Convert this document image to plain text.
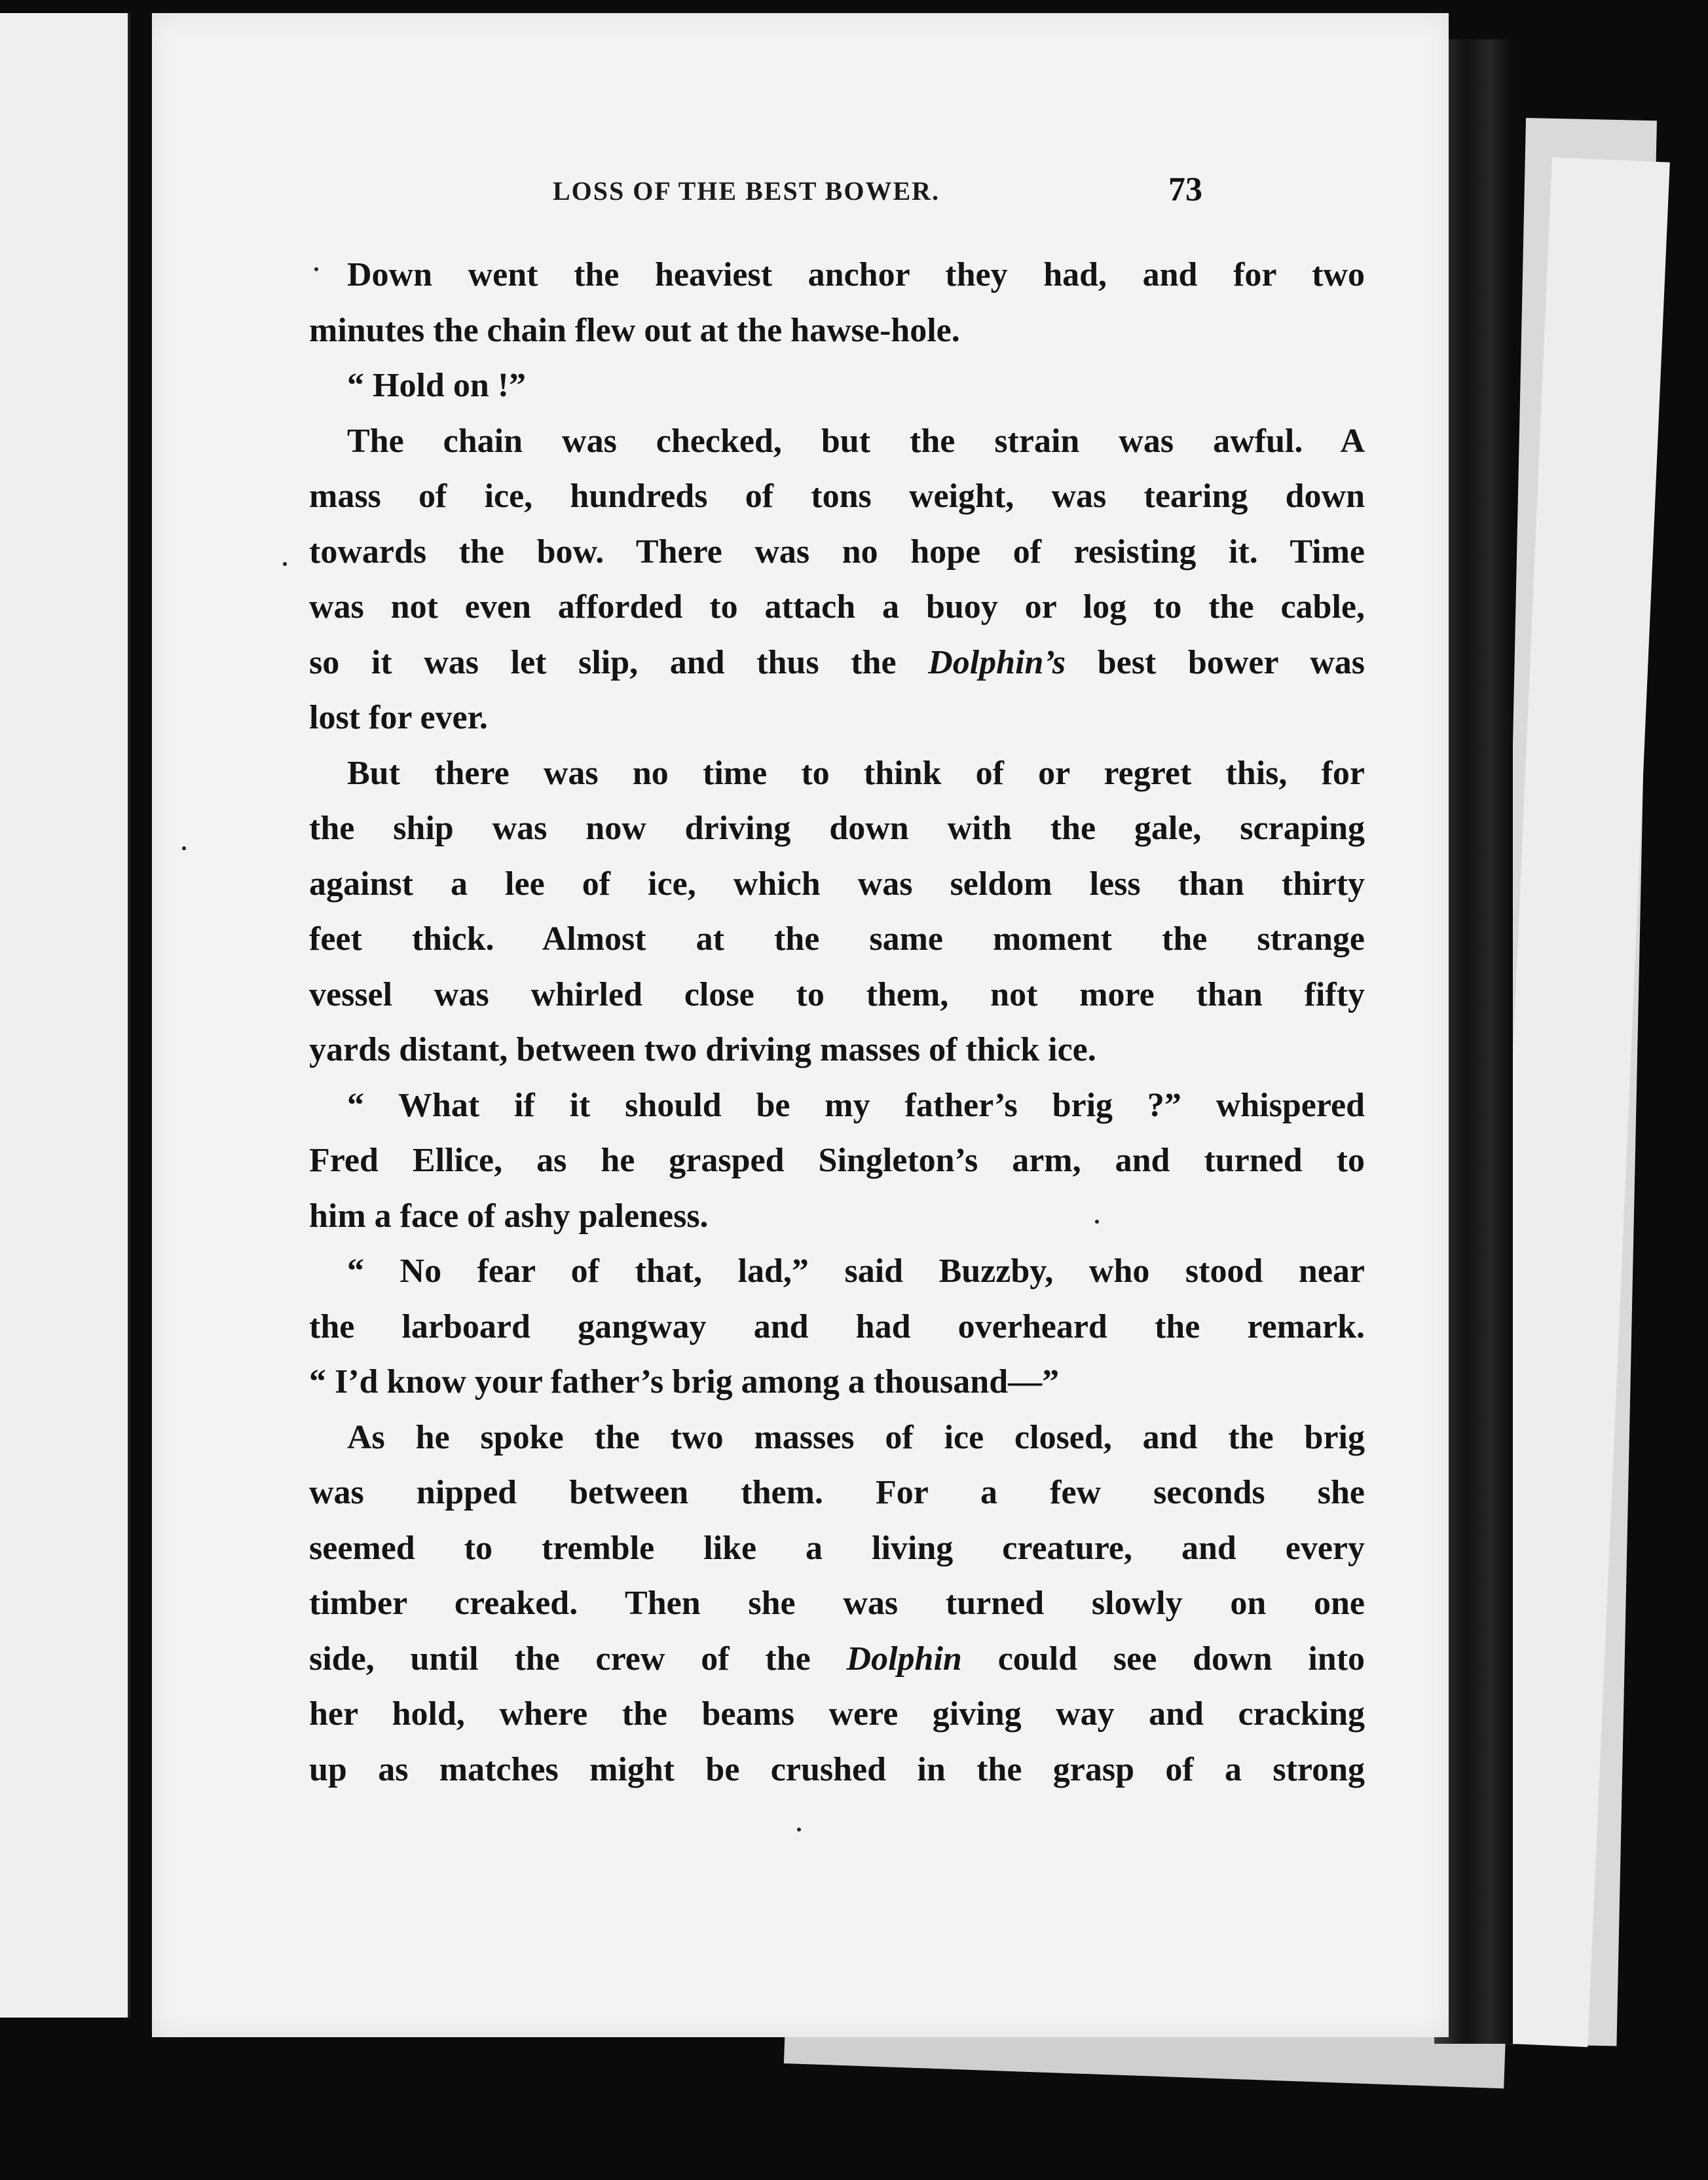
LOSS OF THE BEST BOWER.	73
Down went the heaviest anchor they had, and for two
minutes the chain flew out at the hawse-hole.
“ Hold on !”
The chain was checked, but the strain was awful. A
mass of ice, hundreds of tons weight, was tearing down
towards the bow. There was no hope of resisting it. Time
was not even afforded to attach a buoy or log to the cable,
so it was let slip, and thus the Dolphin’s best bower was
lost for ever.
But there was no time to think of or regret this, for
the ship was now driving down with the gale, scraping
against a lee of ice, which was seldom less than thirty
feet thick. Almost at the same moment the strange
vessel was whirled close to them, not more than fifty
yards distant, between two driving masses of thick ice.
“ What if it should be my father’s brig ?” whispered
Fred Ellice, as he grasped Singleton’s arm, and turned to
him a face of ashy paleness.
“ No fear of that, lad,” said Buzzby, who stood near
the larboard gangway and had overheard the remark.
“ I’d know your father’s brig among a thousand—”
As he spoke the two masses of ice closed, and the brig
was nipped between them. For a few seconds she
seemed to tremble like a living creature, and every
timber creaked. Then she was turned slowly on one
side, until the crew of the Dolphin could see down into
her hold, where the beams were giving way and cracking
up as matches might be crushed in the grasp of a strong
